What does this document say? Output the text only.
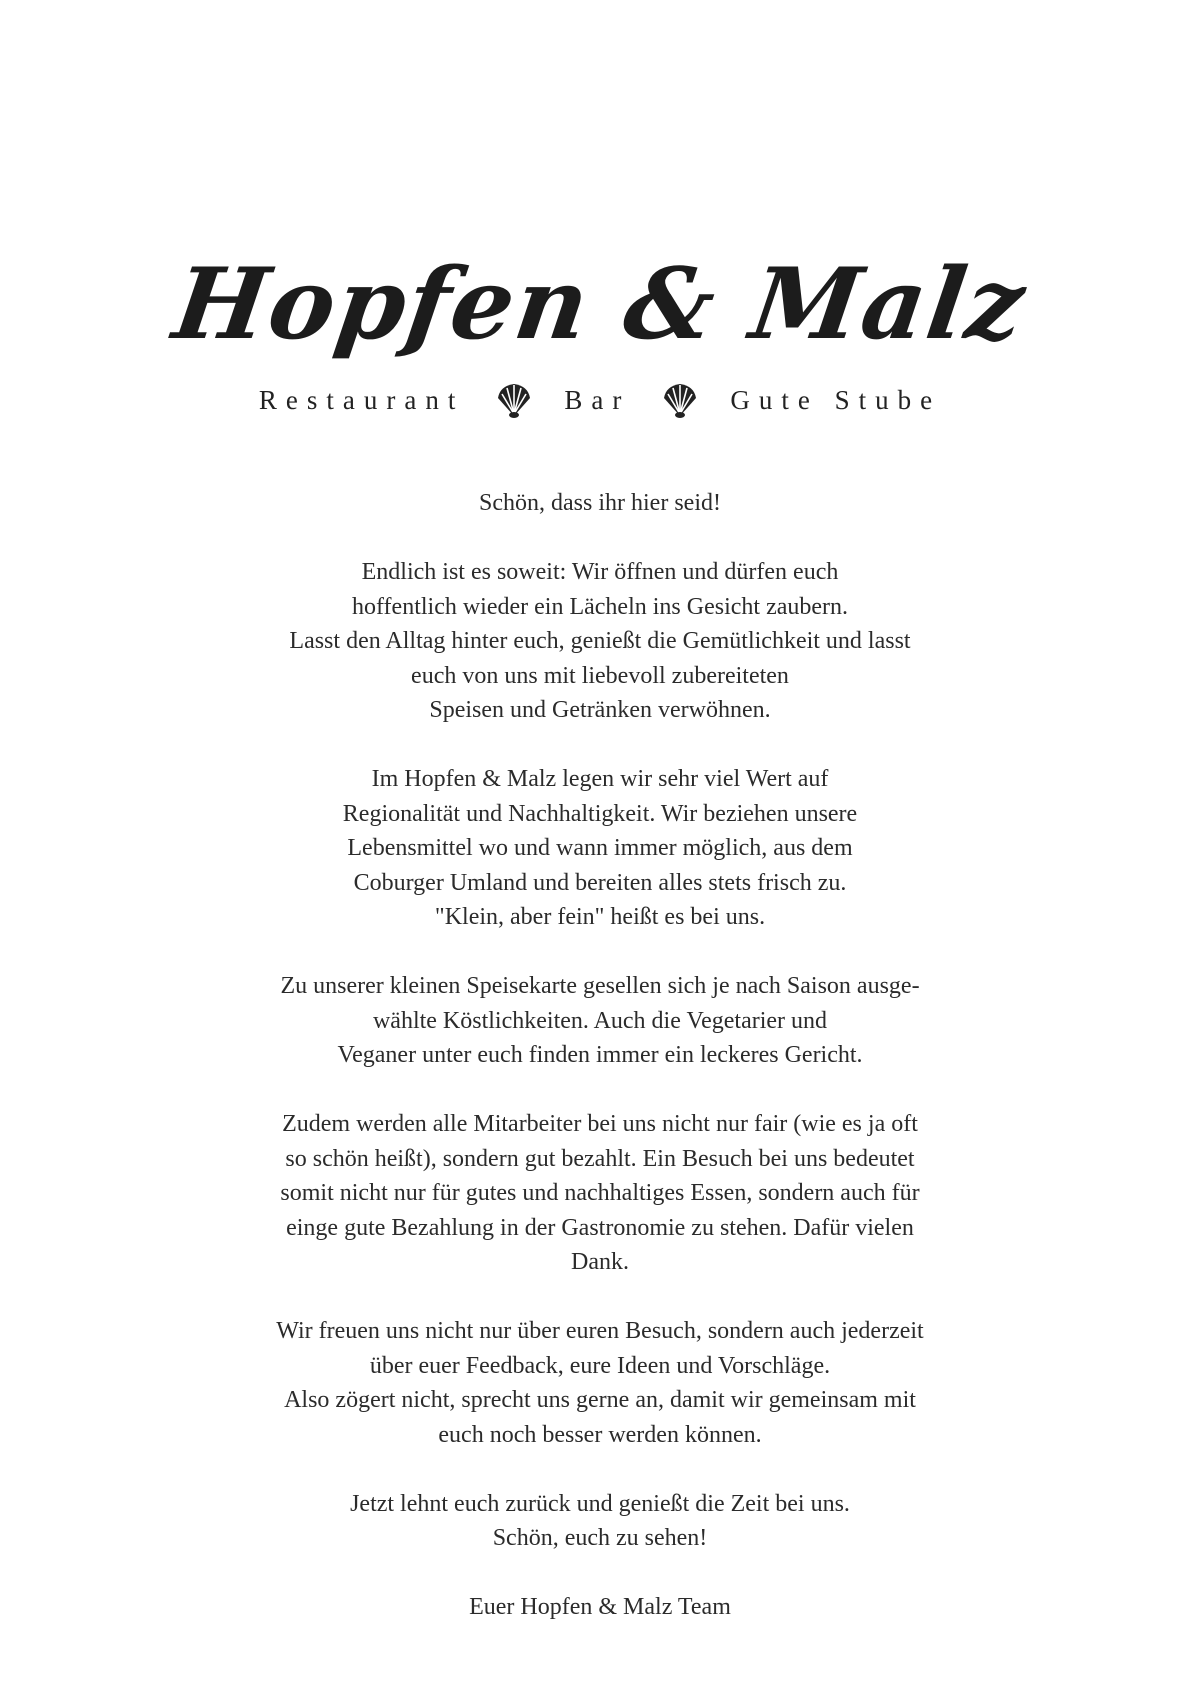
Hopfen & Malz
Restaurant	Bar	Gute Stube

Schön, dass ihr hier seid!

Endlich ist es soweit: Wir öffnen und dürfen euch
hoffentlich wieder ein Lächeln ins Gesicht zaubern.
Lasst den Alltag hinter euch, genießt die Gemütlichkeit und lasst
euch von uns mit liebevoll zubereiteten
Speisen und Getränken verwöhnen.

Im Hopfen & Malz legen wir sehr viel Wert auf
Regionalität und Nachhaltigkeit. Wir beziehen unsere
Lebensmittel wo und wann immer möglich, aus dem
Coburger Umland und bereiten alles stets frisch zu.
"Klein, aber fein" heißt es bei uns.

Zu unserer kleinen Speisekarte gesellen sich je nach Saison ausge-
wählte Köstlichkeiten. Auch die Vegetarier und
Veganer unter euch finden immer ein leckeres Gericht.

Zudem werden alle Mitarbeiter bei uns nicht nur fair (wie es ja oft
so schön heißt), sondern gut bezahlt. Ein Besuch bei uns bedeutet
somit nicht nur für gutes und nachhaltiges Essen, sondern auch für
einge gute Bezahlung in der Gastronomie zu stehen. Dafür vielen
Dank.

Wir freuen uns nicht nur über euren Besuch, sondern auch jederzeit
über euer Feedback, eure Ideen und Vorschläge.
Also zögert nicht, sprecht uns gerne an, damit wir gemeinsam mit
euch noch besser werden können.

Jetzt lehnt euch zurück und genießt die Zeit bei uns.
Schön, euch zu sehen!

Euer Hopfen & Malz Team
